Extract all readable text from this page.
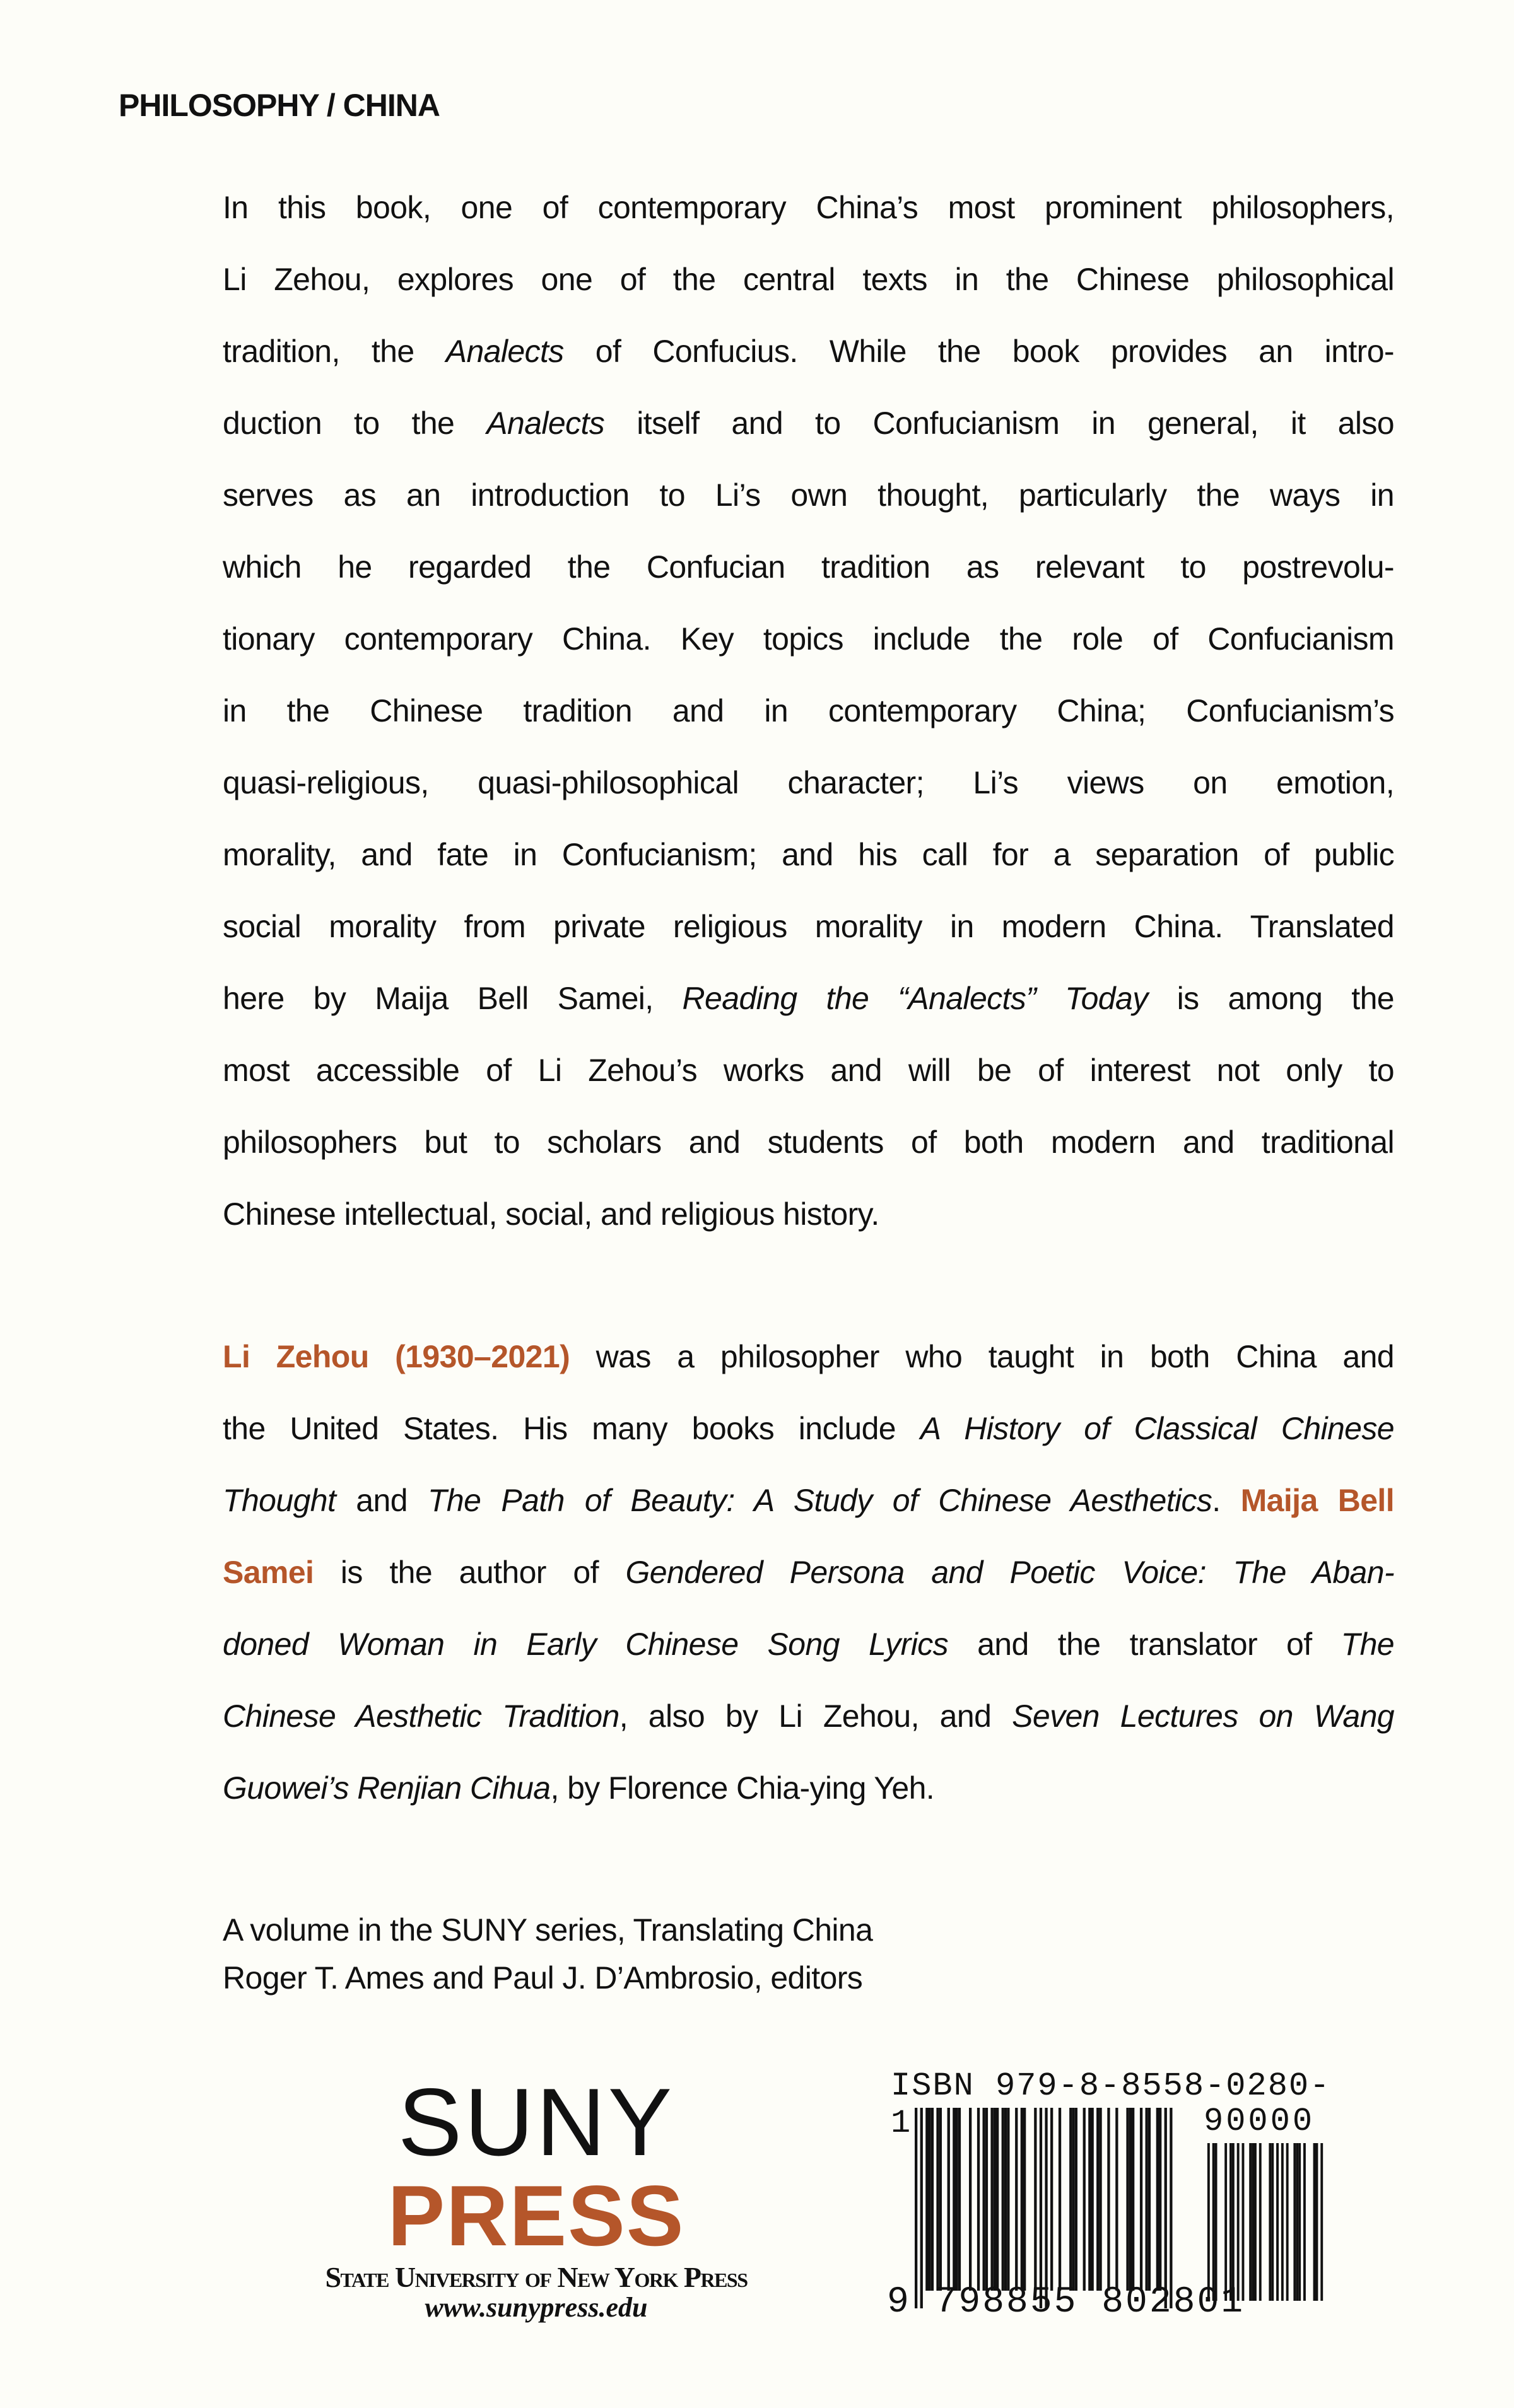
PHILOSOPHY / CHINA
In this book, one of contemporary China’s most prominent philosophers,
Li Zehou, explores one of the central texts in the Chinese philosophical
tradition, the Analects of Confucius. While the book provides an intro-
duction to the Analects itself and to Confucianism in general, it also
serves as an introduction to Li’s own thought, particularly the ways in
which he regarded the Confucian tradition as relevant to postrevolu-
tionary contemporary China. Key topics include the role of Confucianism
in the Chinese tradition and in contemporary China; Confucianism’s
quasi-religious, quasi-philosophical character; Li’s views on emotion,
morality, and fate in Confucianism; and his call for a separation of public
social morality from private religious morality in modern China. Translated
here by Maija Bell Samei, Reading the “Analects” Today is among the
most accessible of Li Zehou’s works and will be of interest not only to
philosophers but to scholars and students of both modern and traditional
Chinese intellectual, social, and religious history.
Li Zehou (1930–2021) was a philosopher who taught in both China and
the United States. His many books include A History of Classical Chinese
Thought and The Path of Beauty: A Study of Chinese Aesthetics. Maija Bell
Samei is the author of Gendered Persona and Poetic Voice: The Aban-
doned Woman in Early Chinese Song Lyrics and the translator of The
Chinese Aesthetic Tradition, also by Li Zehou, and Seven Lectures on Wang
Guowei’s Renjian Cihua, by Florence Chia-ying Yeh.
A volume in the SUNY series, Translating China
Roger T. Ames and Paul J. D’Ambrosio, editors
SUNY
PRESS
State University of New York Press
www.sunypress.edu
ISBN 979-8-8558-0280-1	90000
9 798855 802801
